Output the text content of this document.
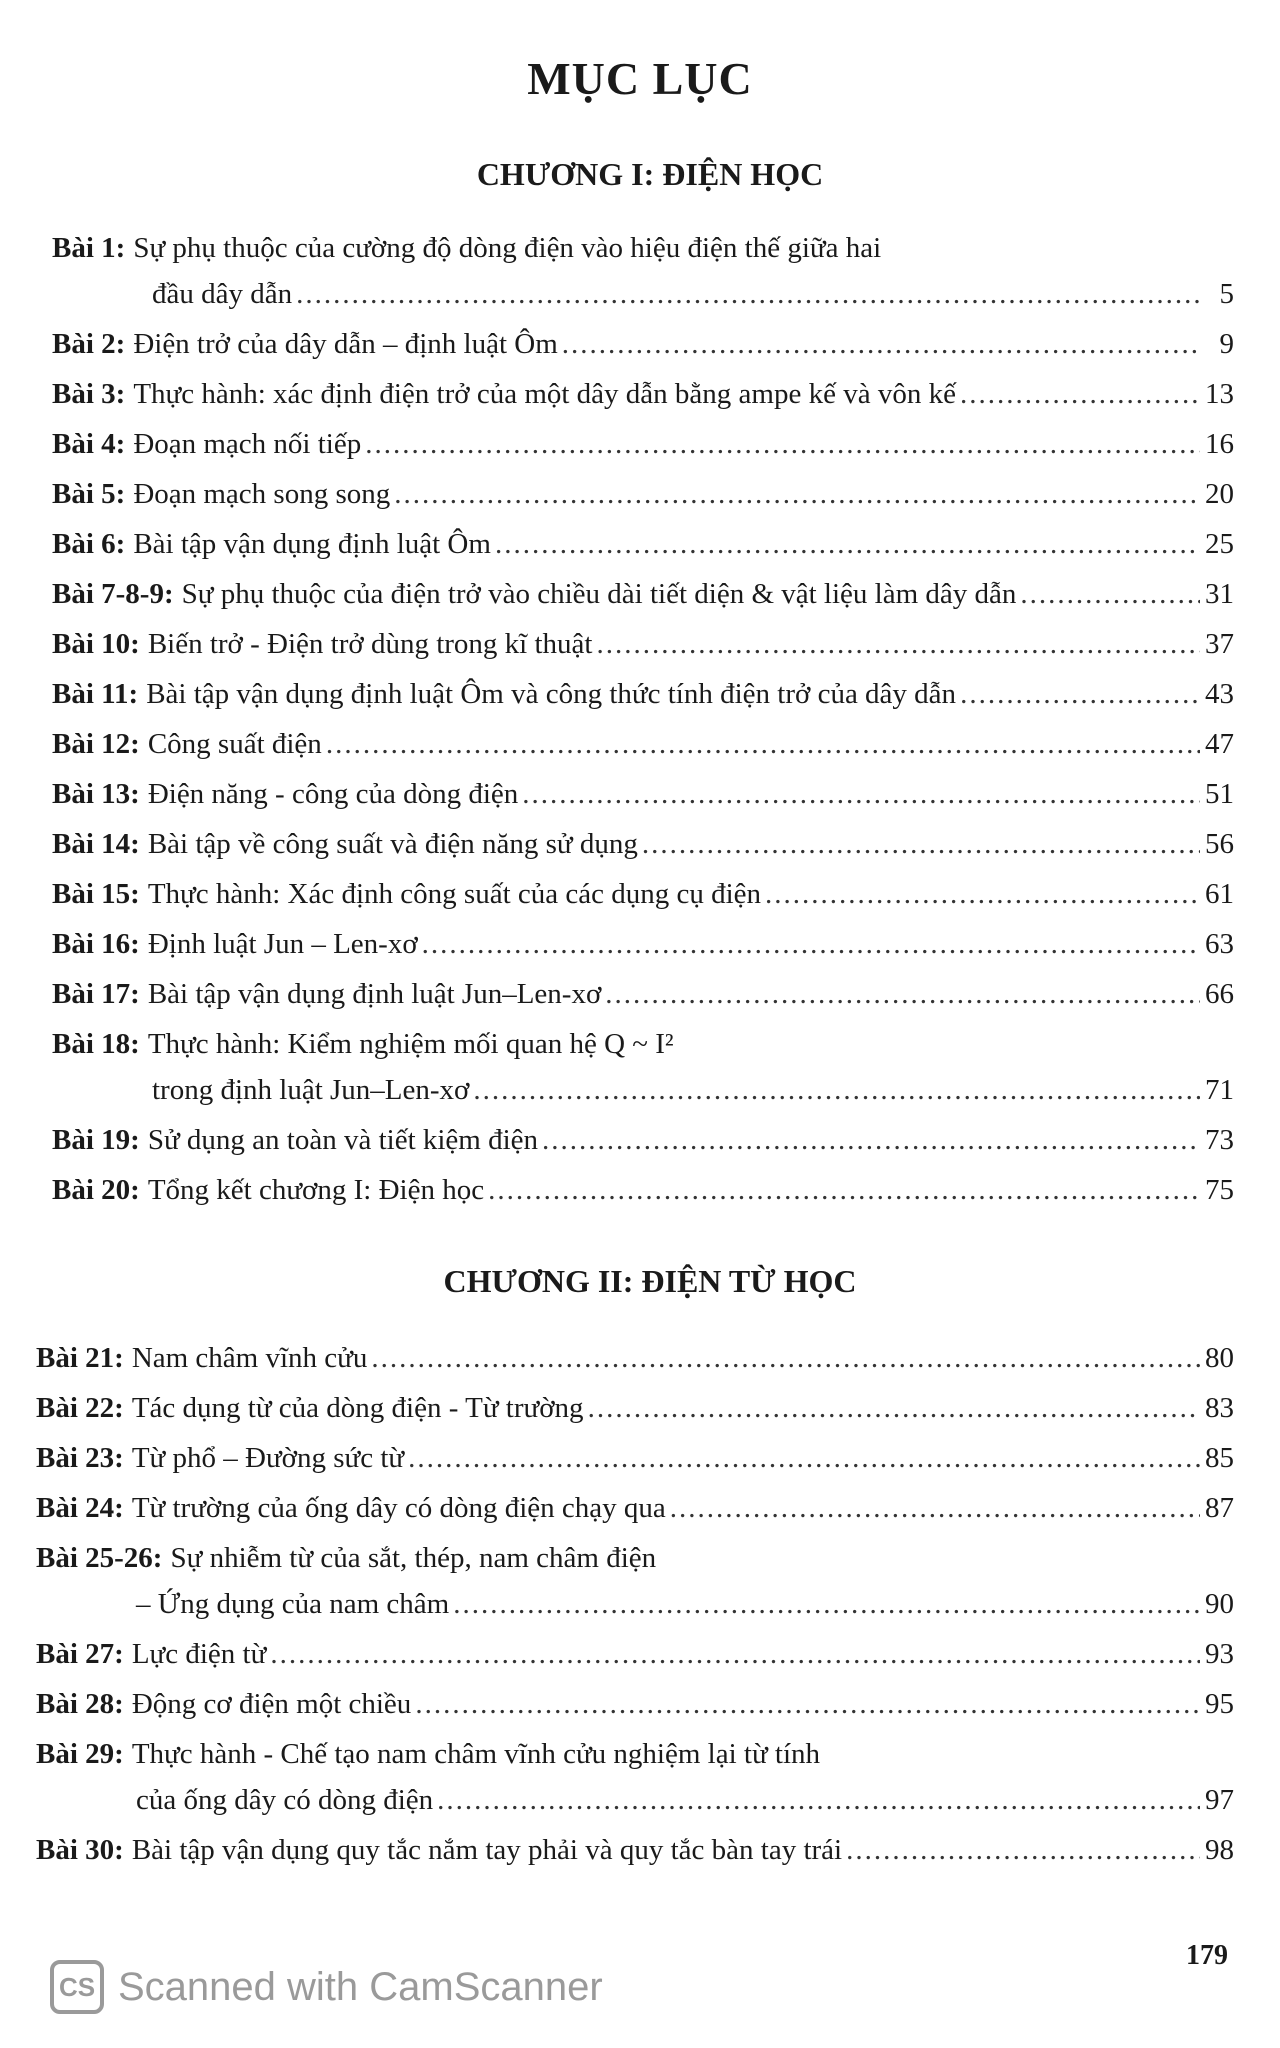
MỤC LỤC
CHƯƠNG I: ĐIỆN HỌC
Bài 1: Sự phụ thuộc của cường độ dòng điện vào hiệu điện thế giữa hai
đầu dây dẫn .....	5
Bài 2: Điện trở của dây dẫn – định luật Ôm .....	9
Bài 3: Thực hành: xác định điện trở của một dây dẫn bằng ampe kế và vôn kế .....	13
Bài 4: Đoạn mạch nối tiếp .....	16
Bài 5: Đoạn mạch song song .....	20
Bài 6: Bài tập vận dụng định luật Ôm .....	25
Bài 7-8-9: Sự phụ thuộc của điện trở vào chiều dài tiết diện & vật liệu làm dây dẫn .....	31
Bài 10: Biến trở - Điện trở dùng trong kĩ thuật .....	37
Bài 11: Bài tập vận dụng định luật Ôm và công thức tính điện trở của dây dẫn .....	43
Bài 12: Công suất điện .....	47
Bài 13: Điện năng - công của dòng điện .....	51
Bài 14: Bài tập về công suất và điện năng sử dụng .....	56
Bài 15: Thực hành: Xác định công suất của các dụng cụ điện .....	61
Bài 16: Định luật Jun – Len-xơ .....	63
Bài 17: Bài tập vận dụng định luật Jun–Len-xơ .....	66
Bài 18: Thực hành: Kiểm nghiệm mối quan hệ Q ~ I²
trong định luật Jun–Len-xơ .....	71
Bài 19: Sử dụng an toàn và tiết kiệm điện .....	73
Bài 20: Tổng kết chương I: Điện học .....	75
CHƯƠNG II: ĐIỆN TỪ HỌC
Bài 21: Nam châm vĩnh cửu .....	80
Bài 22: Tác dụng từ của dòng điện - Từ trường .....	83
Bài 23: Từ phổ – Đường sức từ .....	85
Bài 24: Từ trường của ống dây có dòng điện chạy qua .....	87
Bài 25-26: Sự nhiễm từ của sắt, thép, nam châm điện
– Ứng dụng của nam châm .....	90
Bài 27: Lực điện từ .....	93
Bài 28: Động cơ điện một chiều .....	95
Bài 29: Thực hành - Chế tạo nam châm vĩnh cửu nghiệm lại từ tính
của ống dây có dòng điện .....	97
Bài 30: Bài tập vận dụng quy tắc nắm tay phải và quy tắc bàn tay trái .....	98
179
CS Scanned with CamScanner
